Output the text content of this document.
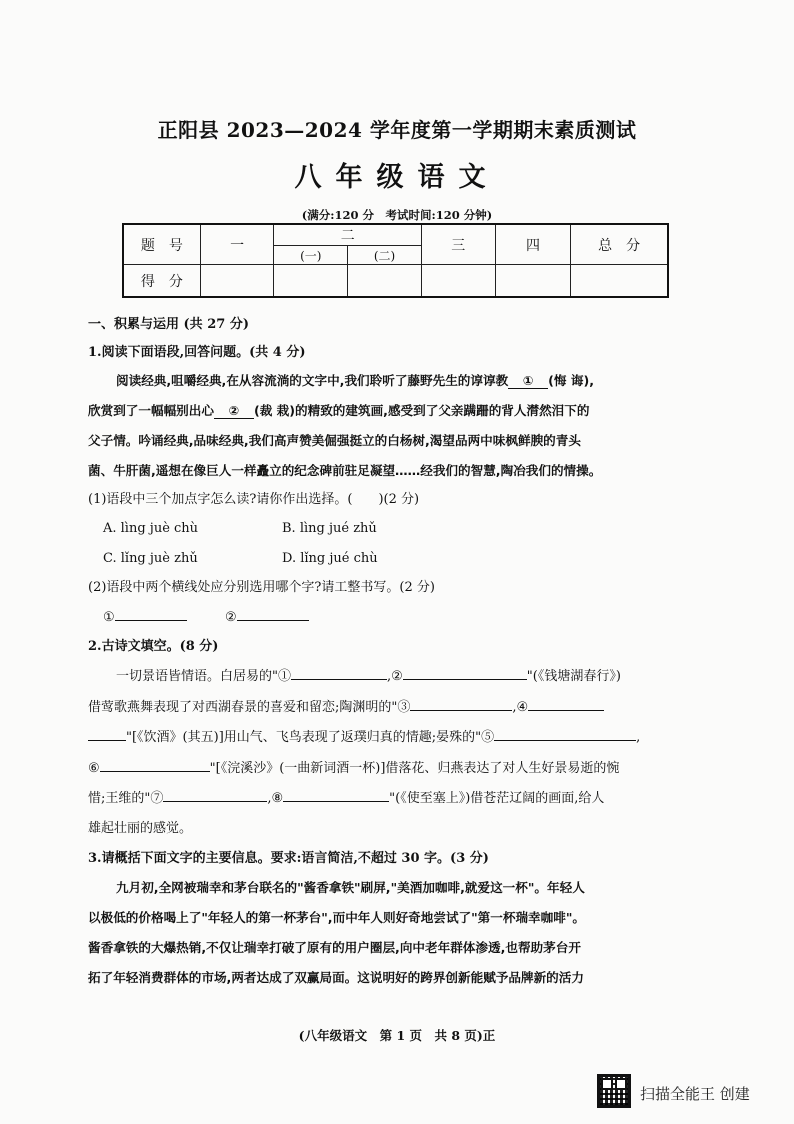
正阳县 2023—2024 学年度第一学期期末素质测试
八年级语文
(满分:120 分　考试时间:120 分钟)
题　号	一	二		三	四	总　分
		(一)	(二)			
得　分						
一、积累与运用 (共 27 分)
1.阅读下面语段,回答问题。(共 4 分)
阅读经典,咀嚼经典,在从容流淌的文字中,我们聆听了藤野先生的谆谆教 ① (悔 诲),
欣赏到了一幅幅别出心 ② (裁 栽)的精致的建筑画,感受到了父亲蹒跚的背人潸然泪下的
父子情。吟诵经典,品味经典,我们高声赞美倔强挺立的白杨树,渴望品两中味枫鲜腴的青头
菌、牛肝菌,遥想在像巨人一样矗立的纪念碑前驻足凝望……经我们的智慧,陶冶我们的情操。
(1)语段中三个加点字怎么读?请你作出选择。(　　)(2 分)
A. lìng juè chù	B. lìng jué zhǔ
C. lǐng juè zhǔ	D. lǐng jué chù
(2)语段中两个横线处应分别选用哪个字?请工整书写。(2 分)
①	②
2.古诗文填空。(8 分)
一切景语皆情语。白居易的"①	,②	"(《钱塘湖春行》)
借莺歌燕舞表现了对西湖春景的喜爱和留恋;陶渊明的"③	,④
"[《饮酒》(其五)]用山气、飞鸟表现了返璞归真的情趣;晏殊的"⑤	,
⑥	"[《浣溪沙》(一曲新词酒一杯)]借落花、归燕表达了对人生好景易逝的惋
惜;王维的"⑦	,⑧	"(《使至塞上》)借苍茫辽阔的画面,给人
雄起壮丽的感觉。
3.请概括下面文字的主要信息。要求:语言简洁,不超过 30 字。(3 分)
九月初,全网被瑞幸和茅台联名的"酱香拿铁"刷屏,"美酒加咖啡,就爱这一杯"。年轻人
以极低的价格喝上了"年轻人的第一杯茅台",而中年人则好奇地尝试了"第一杯瑞幸咖啡"。
酱香拿铁的大爆热销,不仅让瑞幸打破了原有的用户圈层,向中老年群体渗透,也帮助茅台开
拓了年轻消费群体的市场,两者达成了双赢局面。这说明好的跨界创新能赋予品牌新的活力
(八年级语文　第 1 页　共 8 页)正
扫描全能王 创建
